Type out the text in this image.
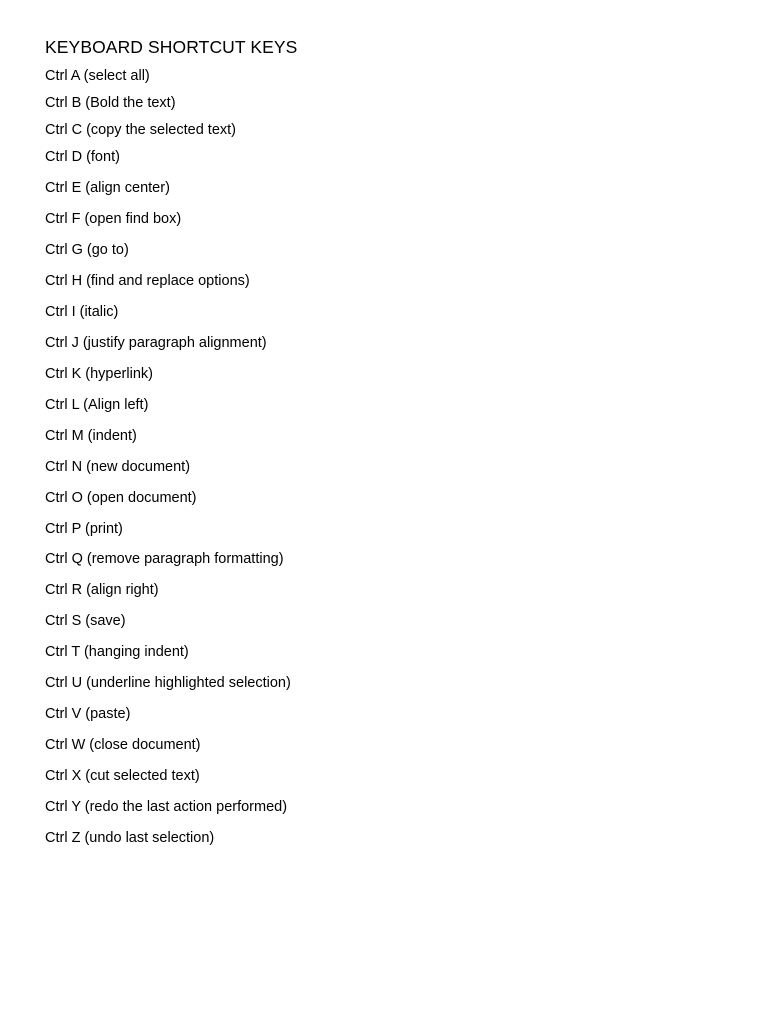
KEYBOARD SHORTCUT KEYS
Ctrl A (select all)
Ctrl B (Bold the text)
Ctrl C (copy the selected text)
Ctrl D (font)
Ctrl E (align center)
Ctrl F (open find box)
Ctrl G (go to)
Ctrl H (find and replace options)
Ctrl I (italic)
Ctrl J (justify paragraph alignment)
Ctrl K (hyperlink)
Ctrl L (Align left)
Ctrl M (indent)
Ctrl N (new document)
Ctrl O (open document)
Ctrl P (print)
Ctrl Q (remove paragraph formatting)
Ctrl R (align right)
Ctrl S (save)
Ctrl T (hanging indent)
Ctrl U (underline highlighted selection)
Ctrl V (paste)
Ctrl W (close document)
Ctrl X (cut selected text)
Ctrl Y (redo the last action performed)
Ctrl Z (undo last selection)
